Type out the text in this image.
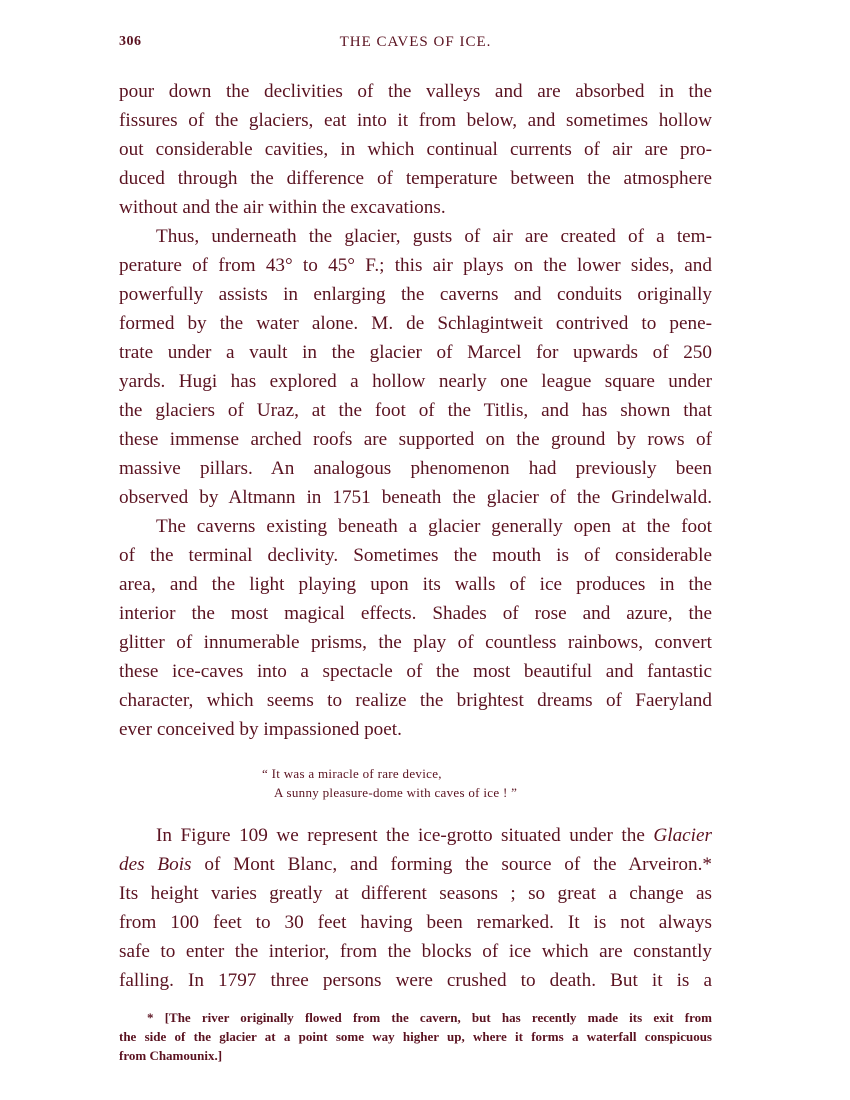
306	THE CAVES OF ICE.
pour down the declivities of the valleys and are absorbed in the
fissures of the glaciers, eat into it from below, and sometimes hollow
out considerable cavities, in which continual currents of air are pro-
duced through the difference of temperature between the atmosphere
without and the air within the excavations.
Thus, underneath the glacier, gusts of air are created of a tem-
perature of from 43° to 45° F.; this air plays on the lower sides, and
powerfully assists in enlarging the caverns and conduits originally
formed by the water alone. M. de Schlagintweit contrived to pene-
trate under a vault in the glacier of Marcel for upwards of 250
yards. Hugi has explored a hollow nearly one league square under
the glaciers of Uraz, at the foot of the Titlis, and has shown that
these immense arched roofs are supported on the ground by rows of
massive pillars. An analogous phenomenon had previously been
observed by Altmann in 1751 beneath the glacier of the Grindelwald.
The caverns existing beneath a glacier generally open at the foot
of the terminal declivity. Sometimes the mouth is of considerable
area, and the light playing upon its walls of ice produces in the
interior the most magical effects. Shades of rose and azure, the
glitter of innumerable prisms, the play of countless rainbows, convert
these ice-caves into a spectacle of the most beautiful and fantastic
character, which seems to realize the brightest dreams of Faeryland
ever conceived by impassioned poet.
“ It was a miracle of rare device,
A sunny pleasure-dome with caves of ice ! ”
In Figure 109 we represent the ice-grotto situated under the Glacier
des Bois of Mont Blanc, and forming the source of the Arveiron.*
Its height varies greatly at different seasons ; so great a change as
from 100 feet to 30 feet having been remarked. It is not always
safe to enter the interior, from the blocks of ice which are constantly
falling. In 1797 three persons were crushed to death. But it is a
* [The river originally flowed from the cavern, but has recently made its exit from
the side of the glacier at a point some way higher up, where it forms a waterfall conspicuous
from Chamounix.]
